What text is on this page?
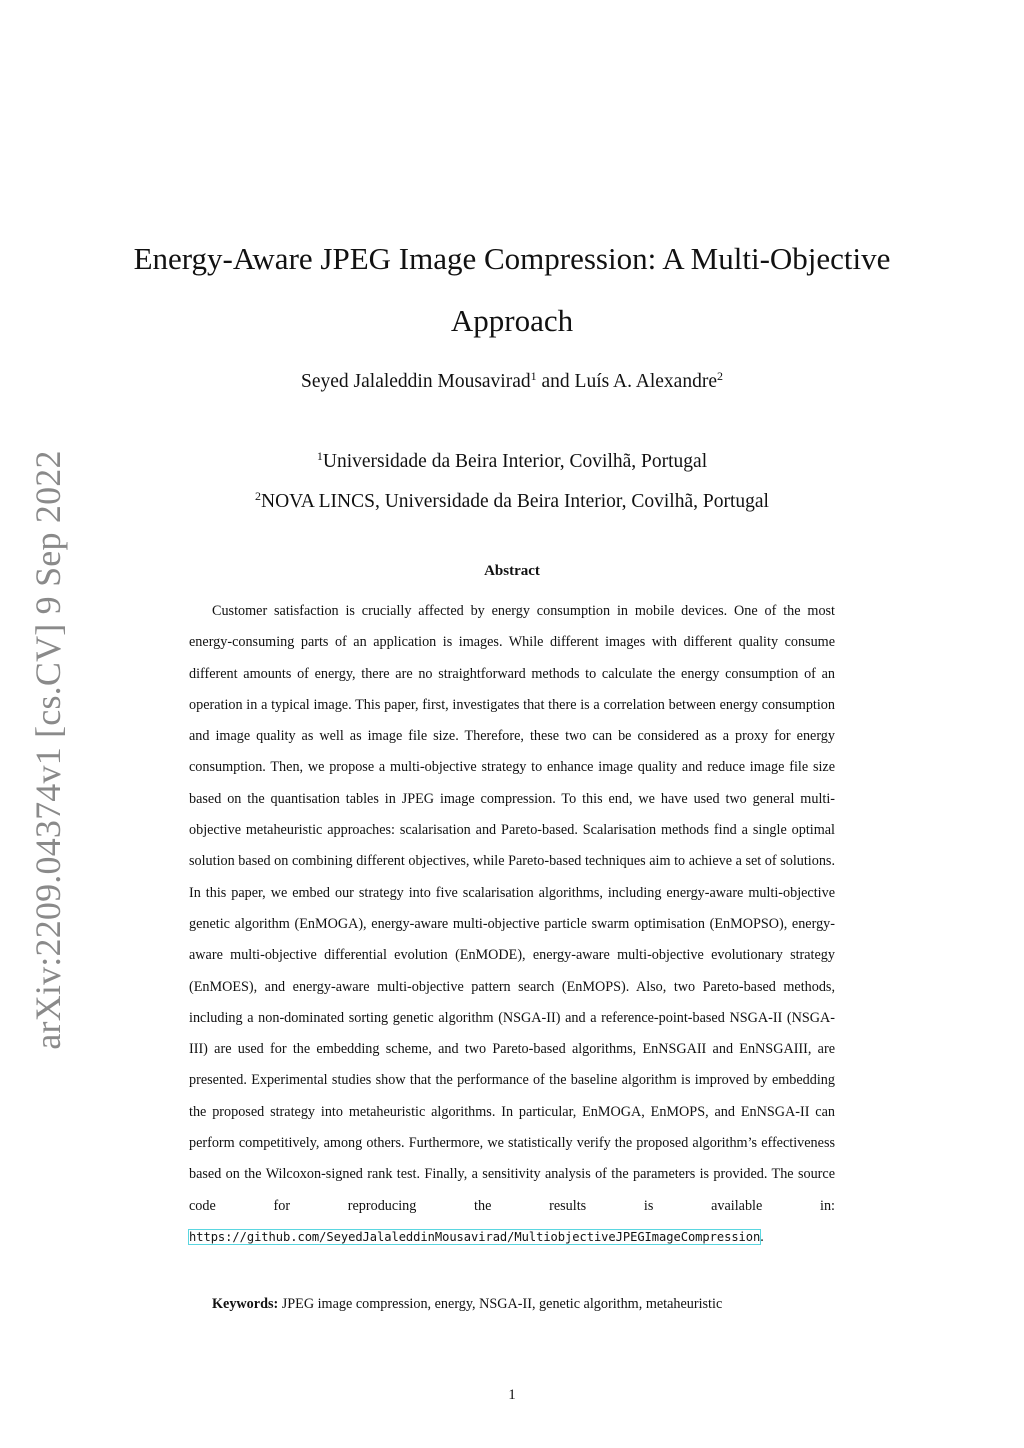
arXiv:2209.04374v1 [cs.CV] 9 Sep 2022
Energy-Aware JPEG Image Compression: A Multi-Objective Approach
Seyed Jalaleddin Mousavirad$^1$ and Luís A. Alexandre$^2$
$^1$Universidade da Beira Interior, Covilhã, Portugal
$^2$NOVA LINCS, Universidade da Beira Interior, Covilhã, Portugal
Abstract
Customer satisfaction is crucially affected by energy consumption in mobile devices. One of the most energy-consuming parts of an application is images. While different images with different quality consume different amounts of energy, there are no straightforward methods to calculate the energy consumption of an operation in a typical image. This paper, first, investigates that there is a correlation between energy consumption and image quality as well as image file size. Therefore, these two can be considered as a proxy for energy consumption. Then, we propose a multi-objective strategy to enhance image quality and reduce image file size based on the quantisation tables in JPEG image compression. To this end, we have used two general multi-objective metaheuristic approaches: scalarisation and Pareto-based. Scalarisation methods find a single optimal solution based on combining different objectives, while Pareto-based techniques aim to achieve a set of solutions. In this paper, we embed our strategy into five scalarisation algorithms, including energy-aware multi-objective genetic algorithm (EnMOGA), energy-aware multi-objective particle swarm optimisation (EnMOPSO), energy-aware multi-objective differential evolution (EnMODE), energy-aware multi-objective evolutionary strategy (EnMOES), and energy-aware multi-objective pattern search (EnMOPS). Also, two Pareto-based methods, including a non-dominated sorting genetic algorithm (NSGA-II) and a reference-point-based NSGA-II (NSGA-III) are used for the embedding scheme, and two Pareto-based algorithms, EnNSGAII and EnNSGAIII, are presented. Experimental studies show that the performance of the baseline algorithm is improved by embedding the proposed strategy into metaheuristic algorithms. In particular, EnMOGA, EnMOPS, and EnNSGA-II can perform competitively, among others. Furthermore, we statistically verify the proposed algorithm’s effectiveness based on the Wilcoxon-signed rank test. Finally, a sensitivity analysis of the parameters is provided. The source code for reproducing the results is available in: https://github.com/SeyedJalaleddinMousavirad/MultiobjectiveJPEGImageCompression.
Keywords: JPEG image compression, energy, NSGA-II, genetic algorithm, metaheuristic
1
